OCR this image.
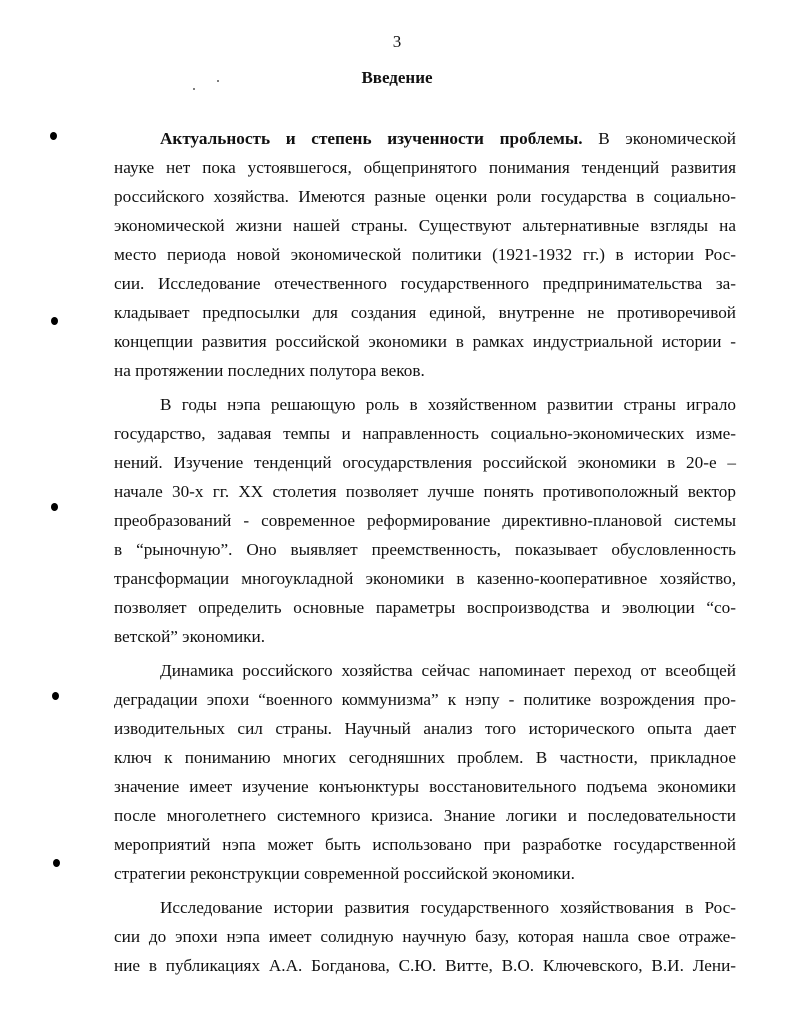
3
Введение
Актуальность и степень изученности проблемы. В экономической
науке нет пока устоявшегося, общепринятого понимания тенденций развития
российского хозяйства. Имеются разные оценки роли государства в социально-
экономической жизни нашей страны. Существуют альтернативные взгляды на
место периода новой экономической политики (1921-1932 гг.) в истории Рос-
сии. Исследование отечественного государственного предпринимательства за-
кладывает предпосылки для создания единой, внутренне не противоречивой
концепции развития российской экономики в рамках индустриальной истории -
на протяжении последних полутора веков.
В годы нэпа решающую роль в хозяйственном развитии страны играло
государство, задавая темпы и направленность социально-экономических изме-
нений. Изучение тенденций огосударствления российской экономики в 20-е –
начале 30-х гг. XX столетия позволяет лучше понять противоположный вектор
преобразований - современное реформирование директивно-плановой системы
в “рыночную”. Оно выявляет преемственность, показывает обусловленность
трансформации многоукладной экономики в казенно-кооперативное хозяйство,
позволяет определить основные параметры воспроизводства и эволюции “со-
ветской” экономики.
Динамика российского хозяйства сейчас напоминает переход от всеобщей
деградации эпохи “военного коммунизма” к нэпу - политике возрождения про-
изводительных сил страны. Научный анализ того исторического опыта дает
ключ к пониманию многих сегодняшних проблем. В частности, прикладное
значение имеет изучение конъюнктуры восстановительного подъема экономики
после многолетнего системного кризиса. Знание логики и последовательности
мероприятий нэпа может быть использовано при разработке государственной
стратегии реконструкции современной российской экономики.
Исследование истории развития государственного хозяйствования в Рос-
сии до эпохи нэпа имеет солидную научную базу, которая нашла свое отраже-
ние в публикациях А.А. Богданова, С.Ю. Витте, В.О. Ключевского, В.И. Лени-
